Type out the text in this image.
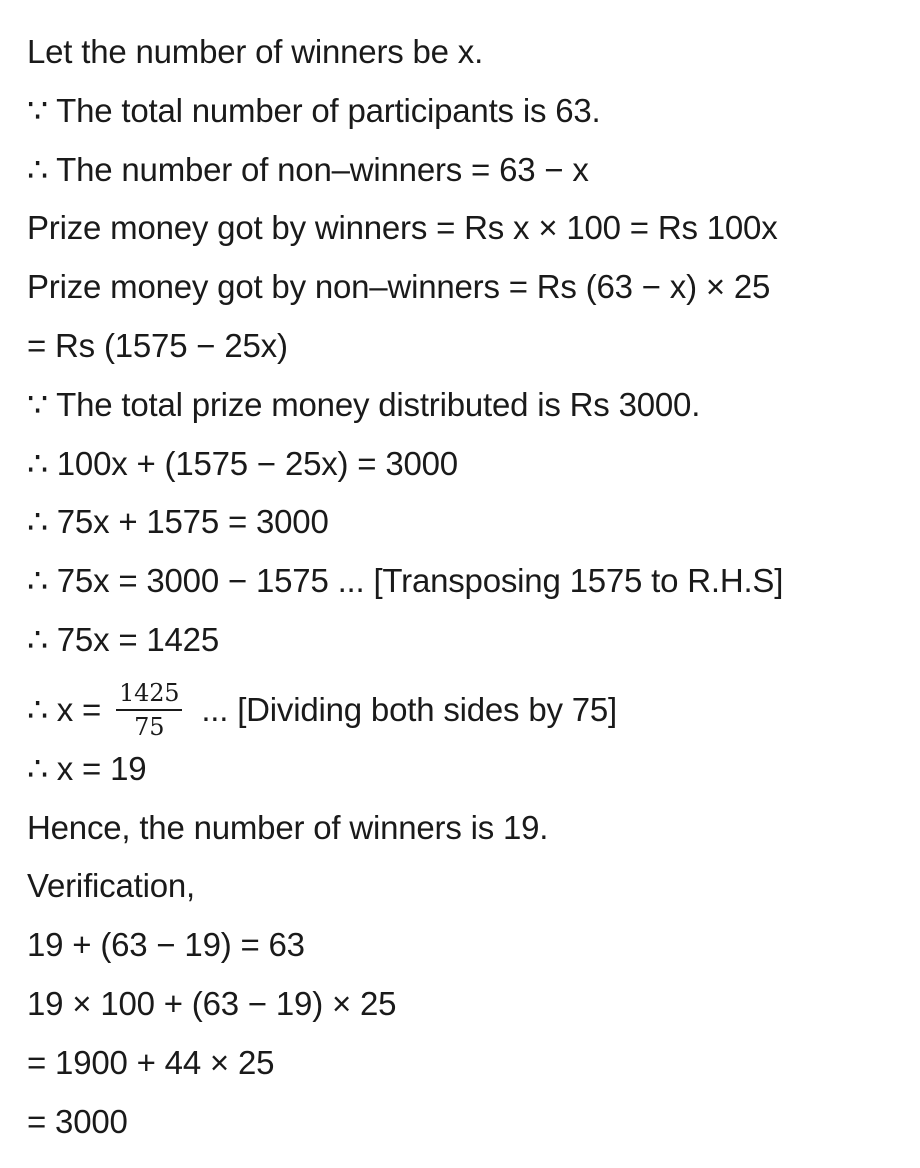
Let the number of winners be x.
∵ The total number of participants is 63.
∴ The number of non–winners = 63 − x
Prize money got by winners = Rs x × 100 = Rs 100x
Prize money got by non–winners = Rs (63 − x) × 25
= Rs (1575 − 25x)
∵ The total prize money distributed is Rs 3000.
∴ 100x + (1575 − 25x) = 3000
∴ 75x + 1575 = 3000
∴ 75x = 3000 − 1575 ... [Transposing 1575 to R.H.S]
∴ 75x = 1425
∴ $x = \frac{1425}{75}$ ... [Dividing both sides by 75]
∴ x = 19
Hence, the number of winners is 19.
Verification,
19 + (63 − 19) = 63
19 × 100 + (63 − 19) × 25
= 1900 + 44 × 25
= 3000
